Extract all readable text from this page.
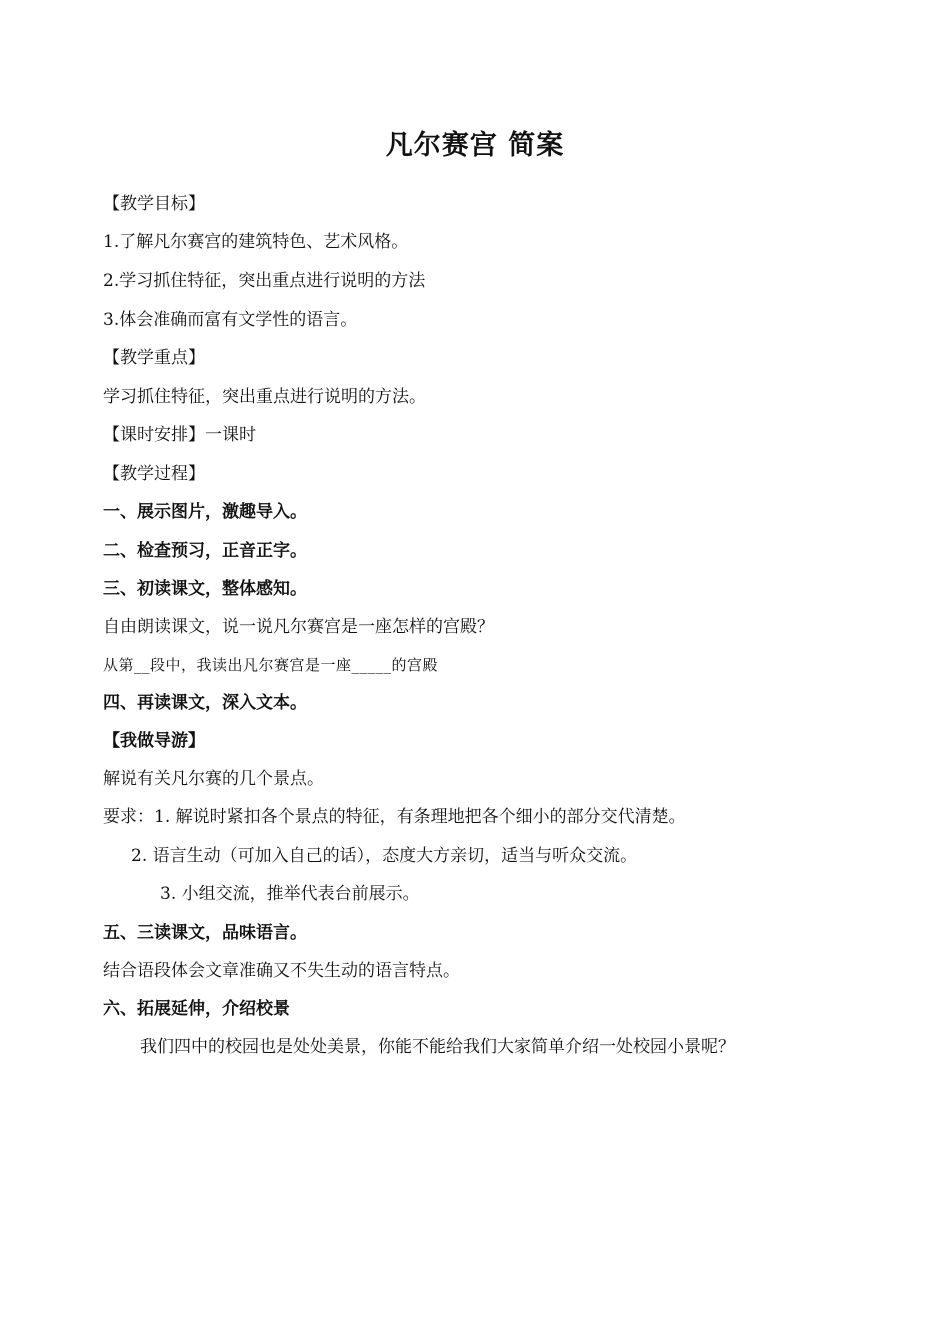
凡尔赛宫 简案
【教学目标】
1.了解凡尔赛宫的建筑特色、艺术风格。
2.学习抓住特征，突出重点进行说明的方法
3.体会准确而富有文学性的语言。
【教学重点】
学习抓住特征，突出重点进行说明的方法。
【课时安排】一课时
【教学过程】
一、展示图片，激趣导入。
二、检查预习，正音正字。
三、初读课文，整体感知。
自由朗读课文，说一说凡尔赛宫是一座怎样的宫殿？
从第__段中，我读出凡尔赛宫是一座_____的宫殿
四、再读课文，深入文本。
【我做导游】
解说有关凡尔赛的几个景点。
要求：1. 解说时紧扣各个景点的特征，有条理地把各个细小的部分交代清楚。
2. 语言生动（可加入自己的话），态度大方亲切，适当与听众交流。
3. 小组交流，推举代表台前展示。
五、三读课文，品味语言。
结合语段体会文章准确又不失生动的语言特点。
六、拓展延伸，介绍校景
我们四中的校园也是处处美景，你能不能给我们大家简单介绍一处校园小景呢？
